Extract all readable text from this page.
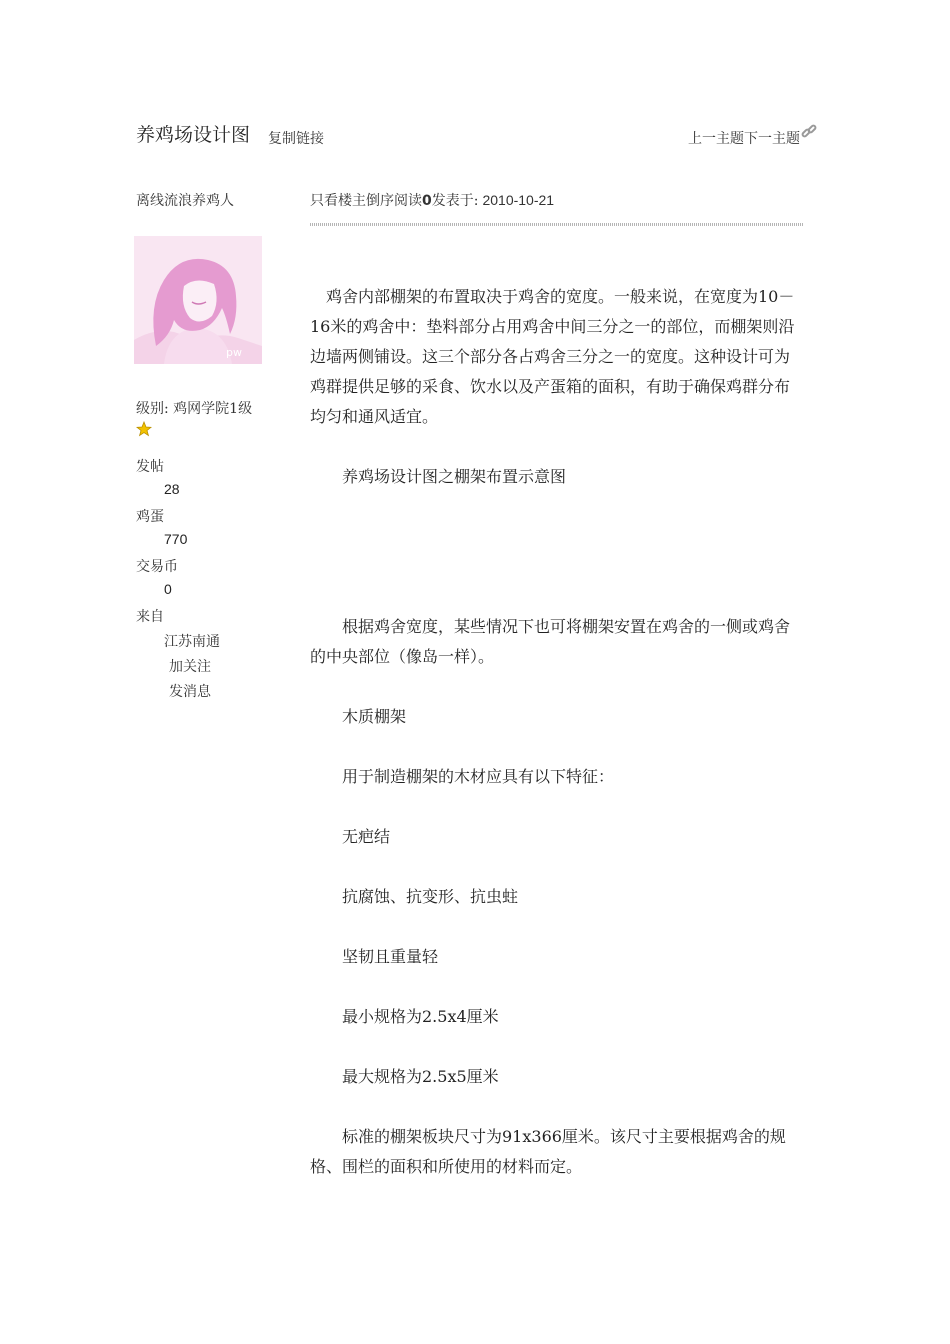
养鸡场设计图 复制链接	上一主题 下一主题
离线流浪养鸡人	只看楼主倒序阅读0发表于: 2010-10-21
pw
级别: 鸡网学院1级
发帖
28
鸡蛋
770
交易币
0
来自
江苏南通
加关注
发消息

鸡舍内部棚架的布置取决于鸡舍的宽度。一般来说，在宽度为10－16米的鸡舍中：垫料部分占用鸡舍中间三分之一的部位，而棚架则沿边墙两侧铺设。这三个部分各占鸡舍三分之一的宽度。这种设计可为鸡群提供足够的采食、饮水以及产蛋箱的面积，有助于确保鸡群分布均匀和通风适宜。

养鸡场设计图之棚架布置示意图

根据鸡舍宽度，某些情况下也可将棚架安置在鸡舍的一侧或鸡舍的中央部位（像岛一样）。

木质棚架

用于制造棚架的木材应具有以下特征：

无疤结

抗腐蚀、抗变形、抗虫蛀

坚韧且重量轻

最小规格为2.5x4厘米

最大规格为2.5x5厘米

标准的棚架板块尺寸为91x366厘米。该尺寸主要根据鸡舍的规格、围栏的面积和所使用的材料而定。
